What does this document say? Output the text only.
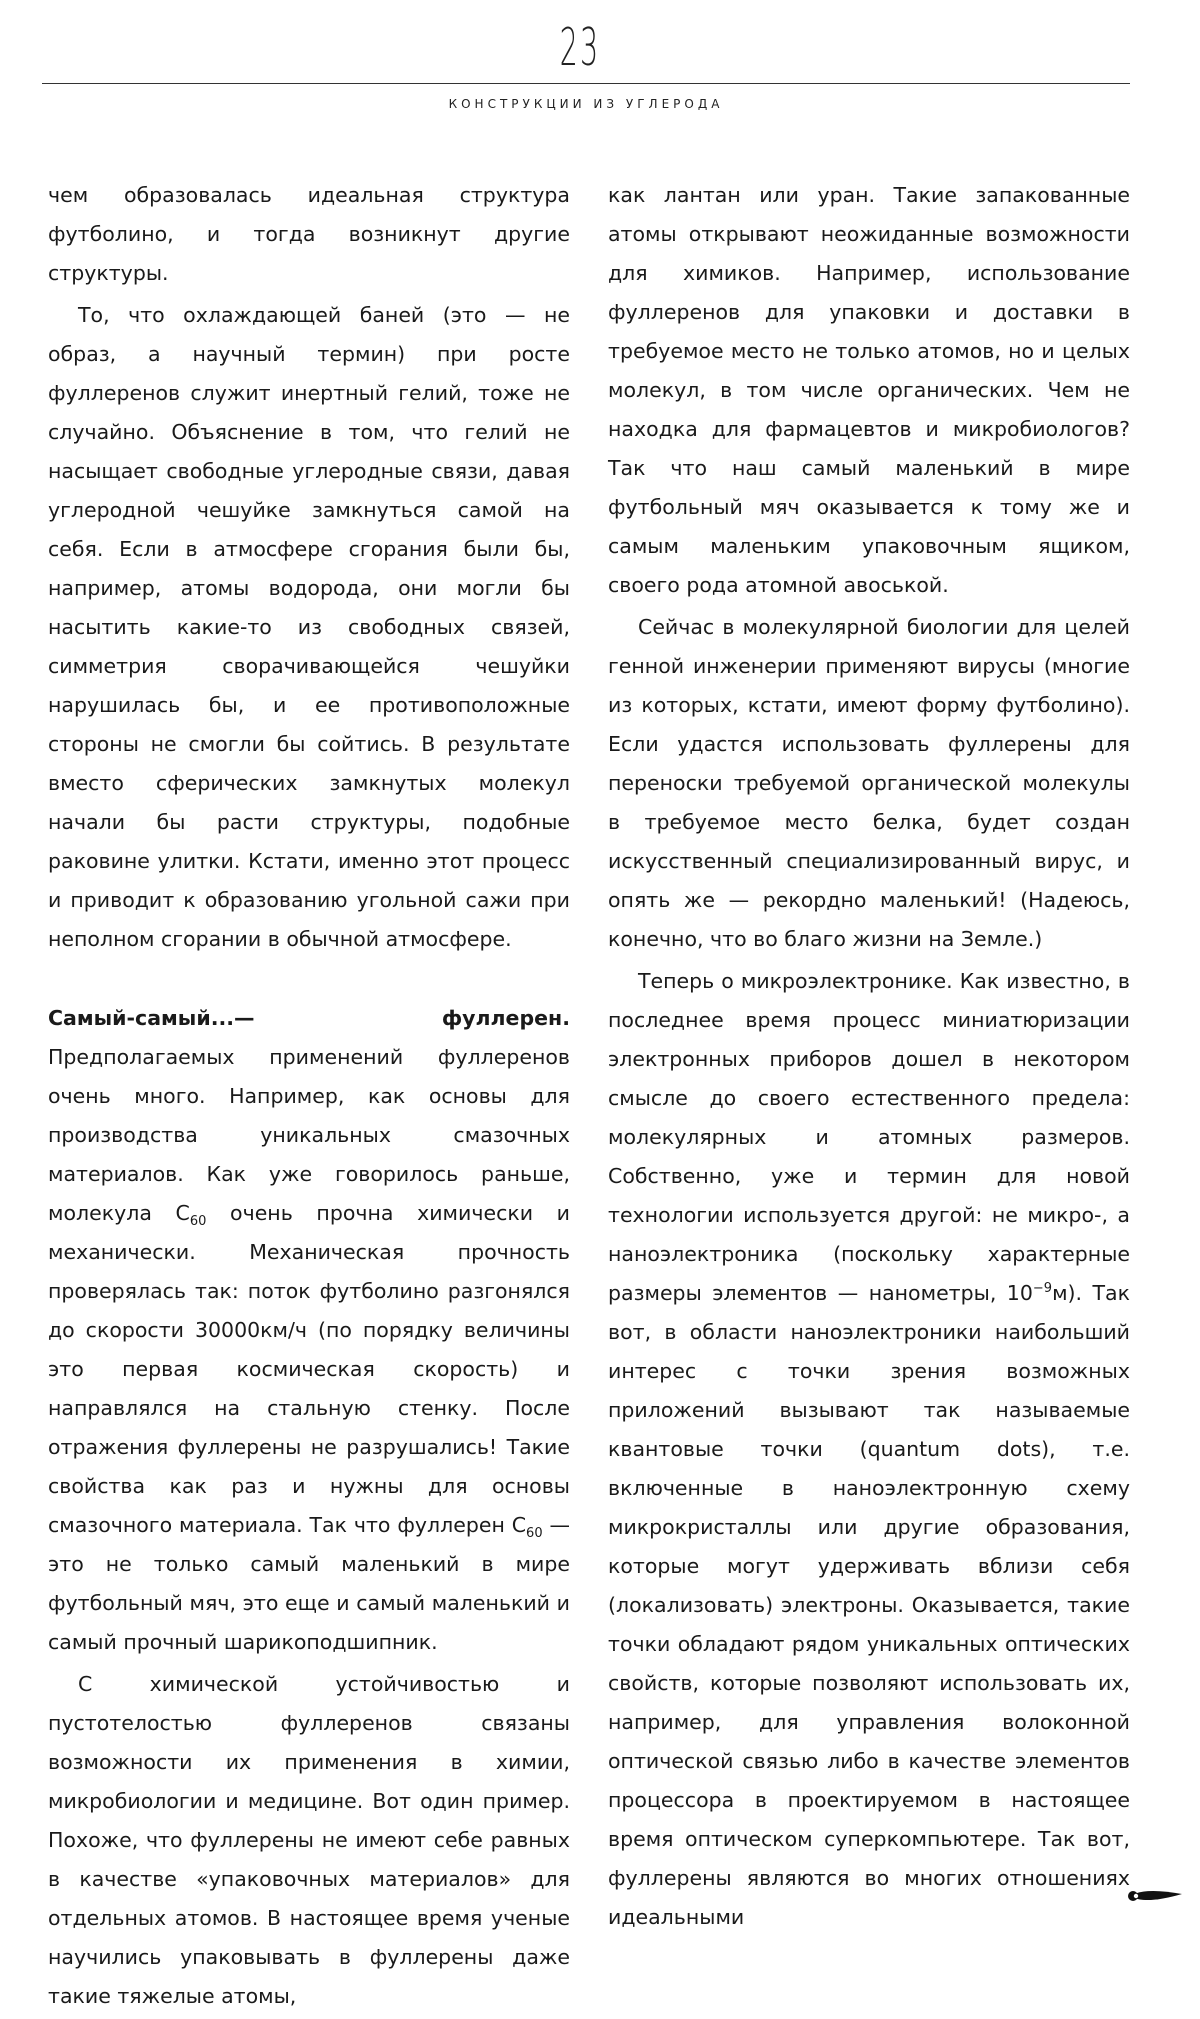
23
КОНСТРУКЦИИ ИЗ УГЛЕРОДА

чем образовалась идеальная структура футболино, и тогда возникнут другие структуры.

То, что охлаждающей баней (это — не образ, а научный термин) при росте фуллеренов служит инертный гелий, тоже не случайно. Объяснение в том, что гелий не насыщает свободные углеродные связи, давая углеродной чешуйке замкнуться самой на себя. Если в атмосфере сгорания были бы, например, атомы водорода, они могли бы насытить какие-то из свободных связей, симметрия сворачивающейся чешуйки нарушилась бы, и ее противоположные стороны не смогли бы сойтись. В результате вместо сферических замкнутых молекул начали бы расти структуры, подобные раковине улитки. Кстати, именно этот процесс и приводит к образованию угольной сажи при неполном сгорании в обычной атмосфере.

Самый-самый...— фуллерен. Предполагаемых применений фуллеренов очень много. Например, как основы для производства уникальных смазочных материалов. Как уже говорилось раньше, молекула $C_{60}$ очень прочна химически и механически. Механическая прочность проверялась так: поток футболино разгонялся до скорости 30000км/ч (по порядку величины это первая космическая скорость) и направлялся на стальную стенку. После отражения фуллерены не разрушались! Такие свойства как раз и нужны для основы смазочного материала. Так что фуллерен $C_{60}$ — это не только самый маленький в мире футбольный мяч, это еще и самый маленький и самый прочный шарикоподшипник.

С химической устойчивостью и пустотелостью фуллеренов связаны возможности их применения в химии, микробиологии и медицине. Вот один пример. Похоже, что фуллерены не имеют себе равных в качестве «упаковочных материалов» для отдельных атомов. В настоящее время ученые научились упаковывать в фуллерены даже такие тяжелые атомы,

как лантан или уран. Такие запакованные атомы открывают неожиданные возможности для химиков. Например, использование фуллеренов для упаковки и доставки в требуемое место не только атомов, но и целых молекул, в том числе органических. Чем не находка для фармацевтов и микробиологов? Так что наш самый маленький в мире футбольный мяч оказывается к тому же и самым маленьким упаковочным ящиком, своего рода атомной авоськой.

Сейчас в молекулярной биологии для целей генной инженерии применяют вирусы (многие из которых, кстати, имеют форму футболино). Если удастся использовать фуллерены для переноски требуемой органической молекулы в требуемое место белка, будет создан искусственный специализированный вирус, и опять же — рекордно маленький! (Надеюсь, конечно, что во благо жизни на Земле.)

Теперь о микроэлектронике. Как известно, в последнее время процесс миниатюризации электронных приборов дошел в некотором смысле до своего естественного предела: молекулярных и атомных размеров. Собственно, уже и термин для новой технологии используется другой: не микро-, а наноэлектроника (поскольку характерные размеры элементов — нанометры, $10^{-9}м$). Так вот, в области наноэлектроники наибольший интерес с точки зрения возможных приложений вызывают так называемые квантовые точки (quantum dots), т.е. включенные в наноэлектронную схему микрокристаллы или другие образования, которые могут удерживать вблизи себя (локализовать) электроны. Оказывается, такие точки обладают рядом уникальных оптических свойств, которые позволяют использовать их, например, для управления волоконной оптической связью либо в качестве элементов процессора в проектируемом в настоящее время оптическом суперкомпьютере. Так вот, фуллерены являются во многих отношениях идеальными
